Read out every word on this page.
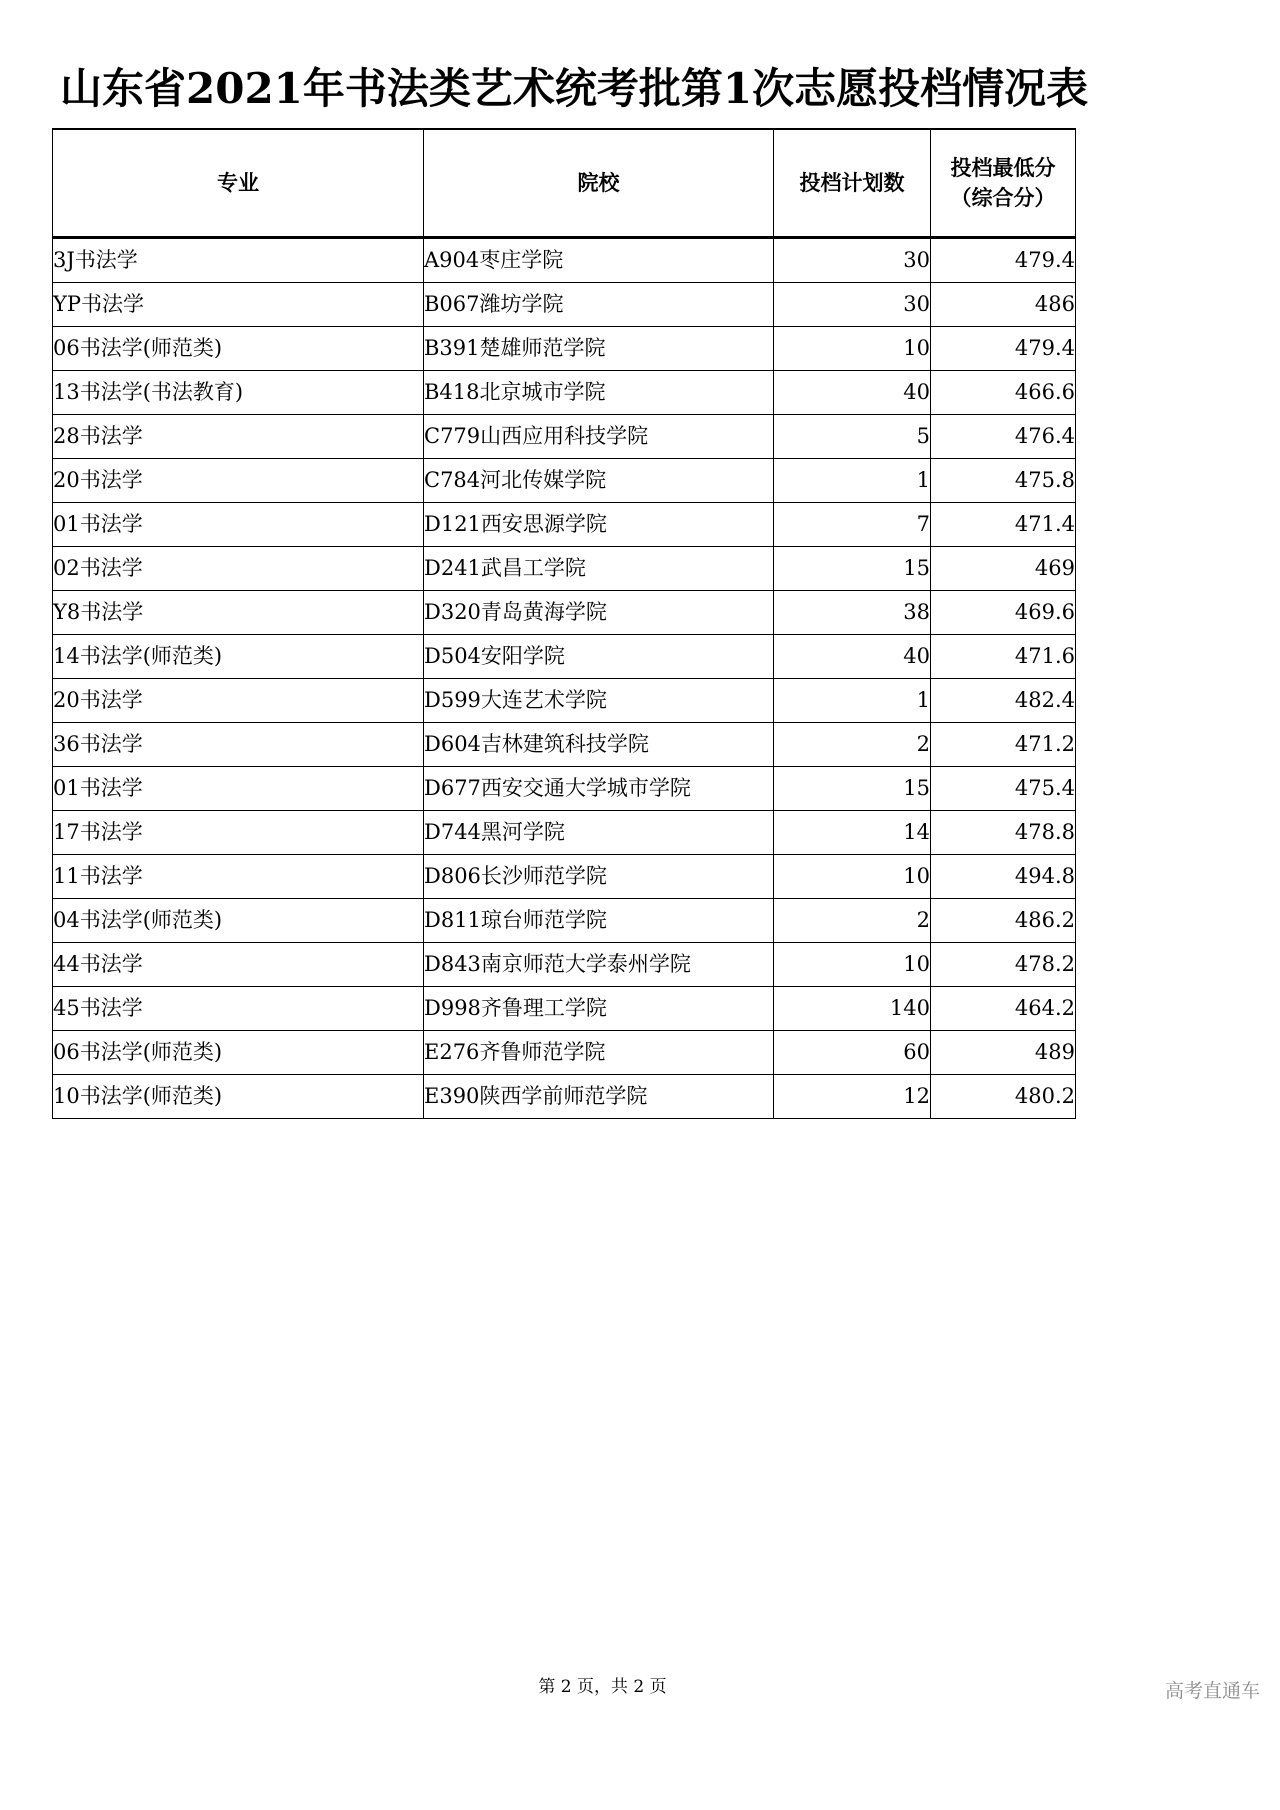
山东省2021年书法类艺术统考批第1次志愿投档情况表
专业	院校	投档计划数	投档最低分
（综合分）

3J书法学	A904枣庄学院	30	479.4
YP书法学	B067潍坊学院	30	486
06书法学(师范类)	B391楚雄师范学院	10	479.4
13书法学(书法教育)	B418北京城市学院	40	466.6
28书法学	C779山西应用科技学院	5	476.4
20书法学	C784河北传媒学院	1	475.8
01书法学	D121西安思源学院	7	471.4
02书法学	D241武昌工学院	15	469
Y8书法学	D320青岛黄海学院	38	469.6
14书法学(师范类)	D504安阳学院	40	471.6
20书法学	D599大连艺术学院	1	482.4
36书法学	D604吉林建筑科技学院	2	471.2
01书法学	D677西安交通大学城市学院	15	475.4
17书法学	D744黑河学院	14	478.8
11书法学	D806长沙师范学院	10	494.8
04书法学(师范类)	D811琼台师范学院	2	486.2
44书法学	D843南京师范大学泰州学院	10	478.2
45书法学	D998齐鲁理工学院	140	464.2
06书法学(师范类)	E276齐鲁师范学院	60	489
10书法学(师范类)	E390陕西学前师范学院	12	480.2
第 2 页，共 2 页	高考直通车
